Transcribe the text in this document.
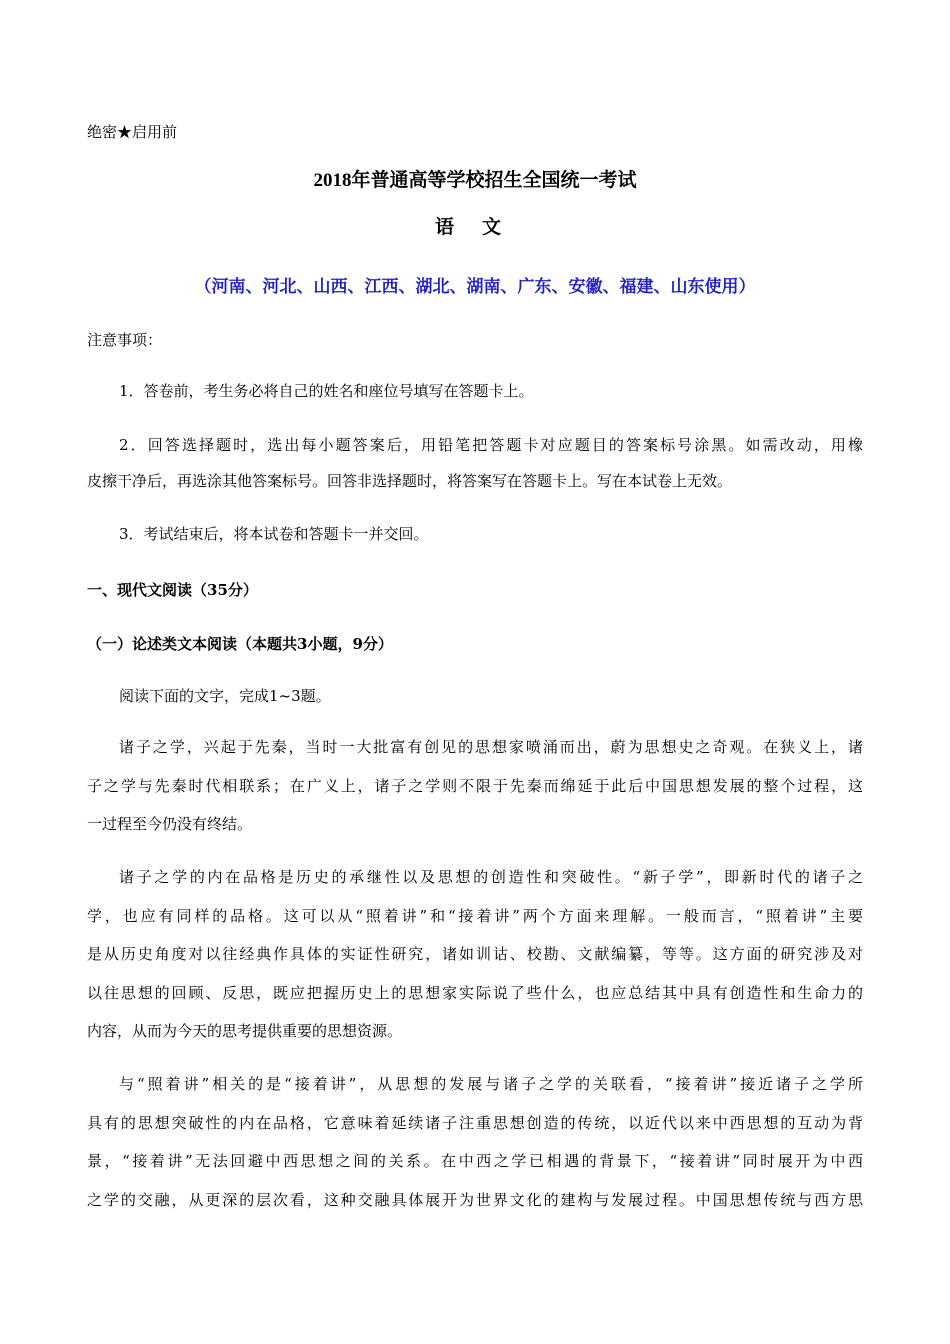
绝密★启用前
2018年普通高等学校招生全国统一考试
语文
（河南、河北、山西、江西、湖北、湖南、广东、安徽、福建、山东使用）
注意事项：
1．答卷前，考生务必将自己的姓名和座位号填写在答题卡上。
2．回答选择题时，选出每小题答案后，用铅笔把答题卡对应题目的答案标号涂黑。如需改动，用橡
皮擦干净后，再选涂其他答案标号。回答非选择题时，将答案写在答题卡上。写在本试卷上无效。
3．考试结束后，将本试卷和答题卡一并交回。
一、现代文阅读（35分）
（一）论述类文本阅读（本题共3小题，9分）
阅读下面的文字，完成1~3题。
诸子之学，兴起于先秦，当时一大批富有创见的思想家喷涌而出，蔚为思想史之奇观。在狭义上，诸
子之学与先秦时代相联系；在广义上，诸子之学则不限于先秦而绵延于此后中国思想发展的整个过程，这
一过程至今仍没有终结。
诸子之学的内在品格是历史的承继性以及思想的创造性和突破性。“新子学”，即新时代的诸子之
学，也应有同样的品格。这可以从“照着讲”和“接着讲”两个方面来理解。一般而言，“照着讲”主要
是从历史角度对以往经典作具体的实证性研究，诸如训诂、校勘、文献编纂，等等。这方面的研究涉及对
以往思想的回顾、反思，既应把握历史上的思想家实际说了些什么，也应总结其中具有创造性和生命力的
内容，从而为今天的思考提供重要的思想资源。
与“照着讲”相关的是“接着讲”，从思想的发展与诸子之学的关联看，“接着讲”接近诸子之学所
具有的思想突破性的内在品格，它意味着延续诸子注重思想创造的传统，以近代以来中西思想的互动为背
景，“接着讲”无法回避中西思想之间的关系。在中西之学已相遇的背景下，“接着讲”同时展开为中西
之学的交融，从更深的层次看，这种交融具体展开为世界文化的建构与发展过程。中国思想传统与西方思
